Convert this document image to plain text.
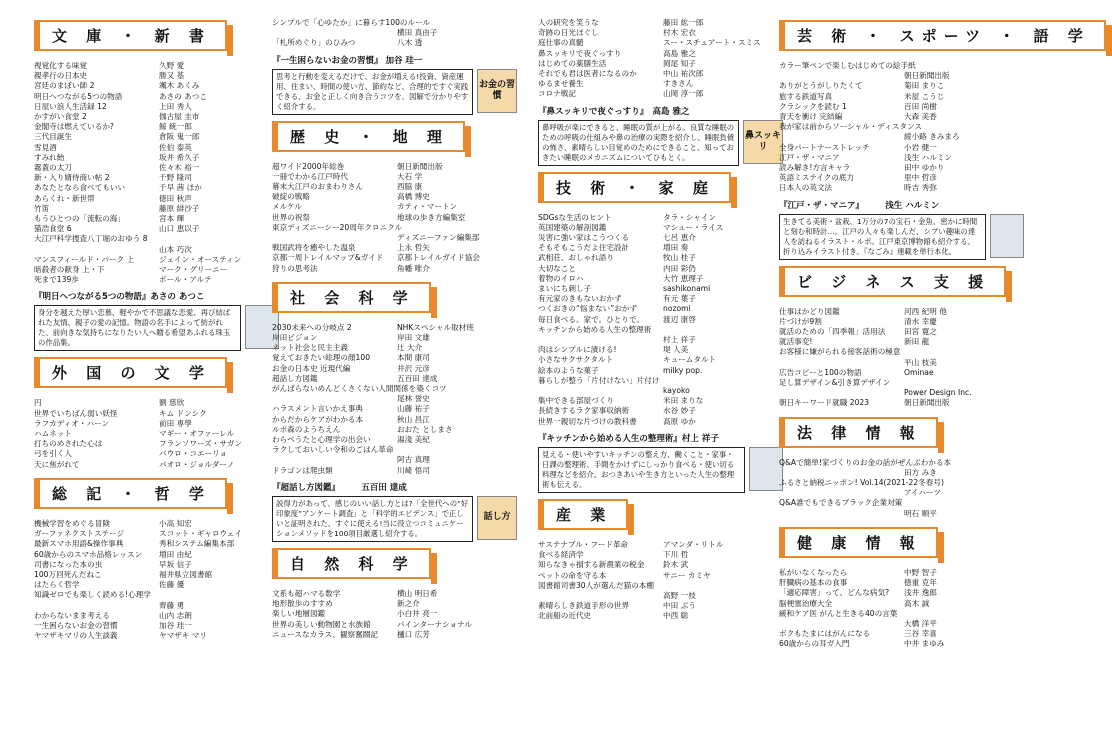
文 庫 ・ 新 書
視覚化する味覚	久野 愛
親孝行の日本史	勝又 基
宮廷のまぼい師 2	颯木 あくみ
明日へつながる5つの物語	あさの あつこ
日屋い浪人生活録 12	上田 秀人
かすがい食堂 2	伽古屋 圭市
金閣寺は燃えているか?	鯨 統一郎
三代目誕生	倉阪 鬼一郎
雪見酒	佐伯 泰英
すみれ飴	坂井 希久子
霧蓋の太刀	佐々木 裕一
新・入り婿侍商い帖 2	千野 隆司
あなたとなら食べてもいい	千早 茜 ほか
あらくれ・新世帯	徳田 秋声
竹笛	藤原 緋沙子
もうひとつの「流転の海」	宮本 輝
猫浩食堂 6	山口 恵以子
大江戸科学捜査八丁堀のおゆう 8
山本 巧次
マンスフィールド・パーク 上	ジェイン・オースティン
暗殺者の献身 上・下	マーク・グリーニー
死まで139歩	ポール・アルテ
『明日へつながる5つの物語』あさの あつこ
身分を越えた厚い恋慕、軽やかで不思議な恋愛、再び結ばれた友情、親子の愛の記憶。物語の名手によって紡がれた、前向きな気持ちになりたい人へ贈る希望あふれる珠玉の作品集。
外 国 の 文 学
円	劉 慈欣
世界でいちばん弱い妖怪	キム ドンシク
ラフカディオ・ハーン	前田 専學
ハムネット	マギー・オファーレル
打ちのめされた心は	フランソワーズ・サガン
弓を引く人	パウロ・コエーリョ
天に焦がれて	パオロ・ジョルダーノ
総 記 ・ 哲 学
機械学習をめぐる冒険	小高 知宏
ガーファネクストステージ	スコット・ギャロウェイ
最新スマホ用語&操作事典	秀和システム編集本部
60歳からのスマホ品格レッスン	増田 由紀
司書になった本の虫	早坂 信子
100万回死んだねこ	福井県立図書館
はたらく哲学	佐藤 優
知識ゼロでも楽しく読める!心理学
齊藤 勇
わからないまま考える	山内 志朗
一生困らないお金の習慣	加谷 珪一
ヤマザキマリの人生談義	ヤマザキ マリ
シンプルで「心ゆたか」に暮らす100のルール
横田 真由子
「札所めぐり」のひみつ	八木 透
『一生困らないお金の習慣』 加谷 珪一
思考と行動を変えるだけで、お金が増える!投資、資産運用、住まい、時間の使い方、節約など、合理的ですぐ実践できる、お金と正しく向き合うコツを、図解で分かりやすく紹介する。
お金の習慣
歴 史 ・ 地 理
超ワイド2000年総巻	朝日新聞出版
一冊でわかる江戸時代	大石 学
幕末大江戸のおまわりさん	西脇 康
破綻の戦略	高橋 博史
メルケル	カティ・マートン
世界の祝祭	地球の歩き方編集室
東京ディズニーシー20周年クロニクル
ディズニーファン編集部
戦国武将を癒やした温泉	上永 哲矢
京都一周トレイルマップ&ガイド	京都トレイルガイド協会
狩りの思考法	角幡 唯介
社 会 科 学
2030未来への分岐点 2	NHKスペシャル取材班
岸田ビジョン	岸田 文雄
ネット社会と民主主義	辻 大介
覚えておきたい総理の顔100	本間 康司
お金の日本史 近現代編	井沢 元彦
超話し方図鑑	五百田 達成
がんばらないめんどくさくない人間関係を築くコツ
尾林 誉史
ハラスメント言いかえ事典	山藤 祐子
からだからケアがわかる本	秋山 昌江
ルポ森のようちえん	おおた としまさ
わらべうたと心理学の出会い	湯淺 美紀
ラクしておいしい令和のごはん革命
阿古 真理
ドラゴンは爬虫類	川崎 悟司
『超話し方図鑑』　　　五百田 達成
説得力があって、感じのいい話し方とは?「全世代への“好印象度”アンケート調査」と「科学的エビデンス」で正しいと証明された、すぐに使える!当に役立つコミュニケーションメソッドを100項目厳選し紹介する。
話し方
自 然 科 学
文系も超ハマる数学	横山 明日希
地形散歩のすすめ	新之介
楽しい地層図鑑	小白井 亮一
世界の美しい動物園と水族館	パインターナショナル
ニュースなカラス、観察奮闘記	樋口 広芳
人の研究を笑うな	藤田 紘一郎
奇跡の日光ほぐし	村木 宏衣
庭仕事の真髄	スー・スチュアート・スミス
鼻スッキリで夜ぐっすり	高島 雅之
はじめての薬膳生活	岡尾 知子
それでも君は医者になるのか	中山 祐次郎
ゆるませ養生	すきさん
コロナ戦記	山岡 淳一郎
『鼻スッキリで夜ぐっすり』　高島 雅之
鼻呼吸が楽にできると、睡眠の質が上がる。良質な睡眠のための呼吸の仕組みや鼻の治療の実際を紹介し、睡眠負債の怖さ、素晴らしい目覚めのためにできること、知っておきたい睡眠のメカニズムについてひもとく。
鼻スッキリ
技 術 ・ 家 庭
SDGsな生活のヒント	タラ・シャイン
英国建築の解剖図鑑	マシュー・ライス
災害に強い家はこうつくる	七呂 恵介
そもそもこうだよ住宅設計	増田 奏
武相荘、おしゃれ語り	牧山 桂子
大切なこと	内田 彩仍
着物のイロハ	大竹 恵理子
まいにち刺し子	sashikonami
有元家のきもないおかず	有元 葉子
つくおきの“悩まない”おかず	nozomi
毎日食べる。家で。ひとりで。	渡辺 康啓
キッチンから始める人生の整理術
村上 祥子
肉はシンプルに漬ける!	堤 人美
小さなサクサクタルト	キュームタルト
絵本のような菓子	milky pop.
暮らしが整う「片付けない」片付け
kayoko
集中できる部屋づくり	米田 まりな
長続きするラク家事収納術	水谷 妙子
世界一親切な片づけの教科書	高原 ゆか
『キッチンから始める人生の整理術』村上 祥子
見える・使いやすいキッチンの整え方、働くこと・家事・日課の整理術、手間をかけずにしっかり食べる・使い切る料理などを紹介。おつきあいや生き方といった人生の整理術も伝える。
産 業
サステナブル・フード革命	アマンダ・リトル
食べる経済学	下川 哲
知らなきゃ損する新農業の税金	鈴木 武
ペットの命を守る本	サニー カミヤ
図書館司書30人が選んだ猫の本棚
高野 一枝
素晴らしき鉄道手形の世界	中田 ぶう
北前船の近代史	中西 聡
芸 術 ・ スポーツ ・ 語 学
カラー筆ペンで楽しむはじめての絵手紙
朝日新聞出版
ありがとうがしりたくて	菊田 まりこ
旅する鉄道写真	米屋 こうじ
クラシックを読む 1	百田 尚樹
青天を衝け 完結編	大森 美香
我が家は前からソーシャル・ディスタンス
綾小路 きみまろ
全身パートナーストレッチ	小岩 健一
江戸・ザ・マニア	浅生 ハルミン
読み解き!方言キャラ	田中 ゆかり
英語ミステイクの底力	里中 哲彦
日本人の英文法	時吉 秀弥
『江戸・ザ・マニア』　　　浅生 ハルミン
生きてる美術・盆栽、1万分の7の宝石・金魚、密かに時間と刻む和時計…。江戸の人々も楽しんだ、シブい趣味の達人を訪ねるイラスト・ルポ。江戸東京博物館も紹介する。折り込みイラスト付き。『なごみ』連載を単行本化。
ビ ジ ネ ス 支 援
仕事はかどり図鑑	河西 紀明 他
片づけが9割	清水 幸慶
就活のための「四季報」活用法	田宮 寛之
就活事変!	新田 龍
お客様に嫌がられる接客話術の極意
平山 枝美
広告コピーと100の物語	Ominae
足し算デザイン&引き算デザイン
Power Design Inc.
朝日キーワード就職 2023	朝日新聞出版
法 律 情 報
Q&Aで簡単!家づくりのお金の話がぜんぶわかる本
田方 みき
ふるさと納税ニッポン! Vol.14(2021-22冬春号)
アイハーツ
Q&A誰でもできるブラック企業対策
明石 順平
健 康 情 報
私がいなくなったら	中野 智子
肝臓病の基本の食事	徳重 克年
「適応障害」って、どんな病気?	浅井 逸郎
脳梗塞治療大全	高木 誠
緩和ケア医 がんと生きる40の言葉
大橋 洋平
ボクもたまにはがんになる	三谷 幸喜
60歳からの耳ガ入門	中井 まゆみ
